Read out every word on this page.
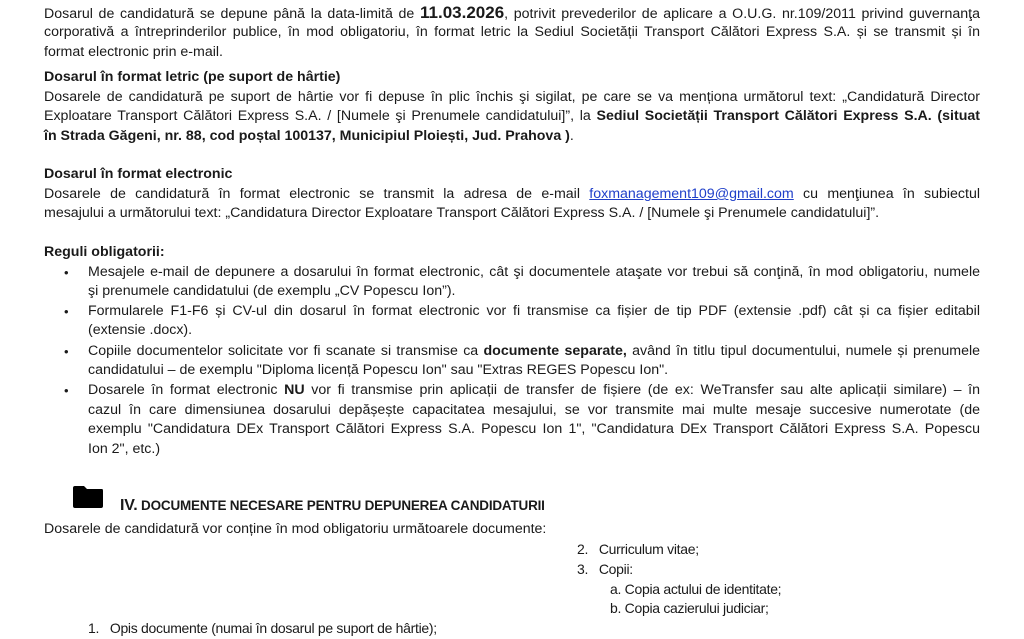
Dosarul de candidatură se depune până la data-limită de 11.03.2026, potrivit prevederilor de aplicare a O.U.G. nr.109/2011 privind guvernanţa
corporativă a întreprinderilor publice, în mod obligatoriu, în format letric la Sediul Societății Transport Călători Express S.A. și se transmit și în
format electronic prin e-mail.
Dosarul în format letric (pe suport de hârtie)
Dosarele de candidatură pe suport de hârtie vor fi depuse în plic închis şi sigilat, pe care se va menționa următorul text: „Candidatură Director
Exploatare Transport Călători Express S.A. / [Numele şi Prenumele candidatului]”, la Sediul Societății Transport Călători Express S.A. (situat
în Strada Găgeni, nr. 88, cod poștal 100137, Municipiul Ploiești, Jud. Prahova ).
Dosarul în format electronic
Dosarele de candidatură în format electronic se transmit la adresa de e-mail foxmanagement109@gmail.com cu menţiunea în subiectul
mesajului a următorului text: „Candidatura Director Exploatare Transport Călători Express S.A. / [Numele şi Prenumele candidatului]”.
Reguli obligatorii:
• Mesajele e-mail de depunere a dosarului în format electronic, cât şi documentele ataşate vor trebui să conţină, în mod obligatoriu, numele
şi prenumele candidatului (de exemplu „CV Popescu Ion”).
• Formularele F1-F6 și CV-ul din dosarul în format electronic vor fi transmise ca fișier de tip PDF (extensie .pdf) cât și ca fișier editabil
(extensie .docx).
• Copiile documentelor solicitate vor fi scanate si transmise ca documente separate, având în titlu tipul documentului, numele și prenumele
candidatului – de exemplu "Diploma licență Popescu Ion" sau "Extras REGES Popescu Ion".
• Dosarele în format electronic NU vor fi transmise prin aplicații de transfer de fișiere (de ex: WeTransfer sau alte aplicații similare) – în
cazul în care dimensiunea dosarului depășește capacitatea mesajului, se vor transmite mai multe mesaje succesive numerotate (de
exemplu "Candidatura DEx Transport Călători Express S.A. Popescu Ion 1", "Candidatura DEx Transport Călători Express S.A. Popescu
Ion 2", etc.)
IV. DOCUMENTE NECESARE PENTRU DEPUNEREA CANDIDATURII
Dosarele de candidatură vor conține în mod obligatoriu următoarele documente:
2. Curriculum vitae;
3. Copii:
a. Copia actului de identitate;
b. Copia cazierului judiciar;
1. Opis documente (numai în dosarul pe suport de hârtie);
